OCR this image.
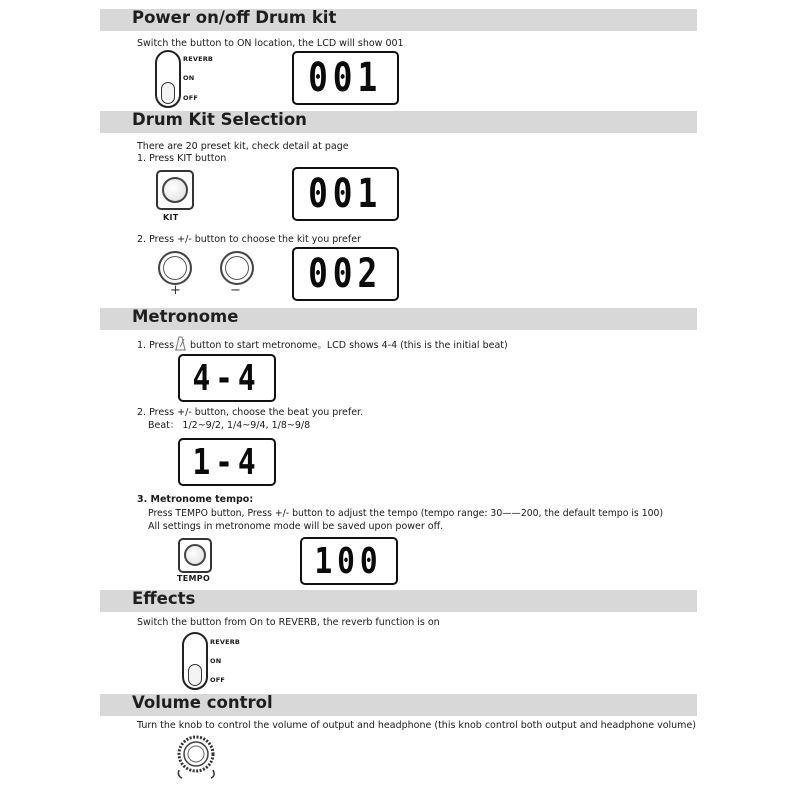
Power on/off Drum kit
Switch the button to ON location, the LCD will show 001
REVERB
ON
OFF	001
Drum Kit Selection
There are 20 preset kit, check detail at page
1. Press KIT button
KIT
001
2. Press +/- button to choose the kit you prefer
+	− 002
Metronome
1. Press button to start metronome。LCD shows 4-4 (this is the initial beat)
4-4
2. Press +/- button, choose the beat you prefer.
Beat： 1/2~9/2, 1/4~9/4, 1/8~9/8
1-4
3. Metronome tempo:
Press TEMPO button, Press +/- button to adjust the tempo (tempo range: 30——200, the default tempo is 100)
All settings in metronome mode will be saved upon power off.
TEMPO	100
Effects
Switch the button from On to REVERB, the reverb function is on
REVERB
ON
OFF
Volume control
Turn the knob to control the volume of output and headphone (this knob control both output and headphone volume)
